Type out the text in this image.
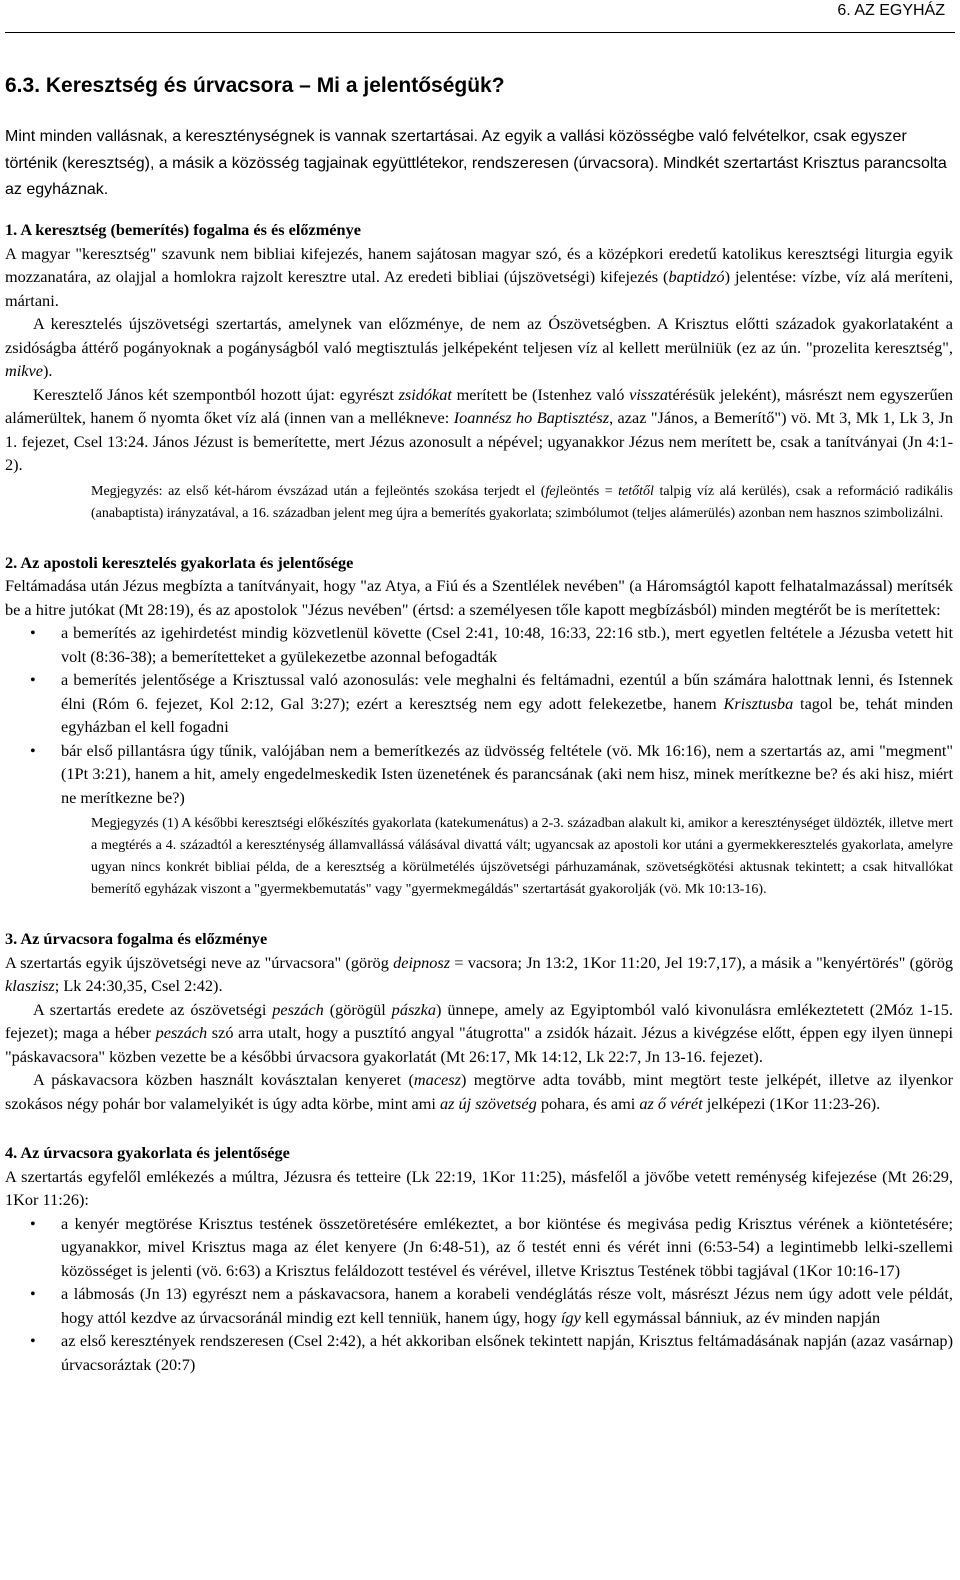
6. AZ EGYHÁZ
6.3. Keresztség és úrvacsora – Mi a jelentőségük?

Mint minden vallásnak, a kereszténységnek is vannak szertartásai. Az egyik a vallási közösségbe való felvételkor, csak egyszer történik (keresztség), a másik a közösség tagjainak együttlétekor, rendszeresen (úrvacsora). Mindkét szertartást Krisztus parancsolta az egyháznak.

1. A keresztség (bemerítés) fogalma és és előzménye

A magyar "keresztség" szavunk nem bibliai kifejezés, hanem sajátosan magyar szó, és a középkori eredetű katolikus keresztségi liturgia egyik mozzanatára, az olajjal a homlokra rajzolt keresztre utal. Az eredeti bibliai (újszövetségi) kifejezés (baptidzó) jelentése: vízbe, víz alá meríteni, mártani.

A keresztelés újszövetségi szertartás, amelynek van előzménye, de nem az Ószövetségben. A Krisztus előtti századok gyakorlataként a zsidóságba áttérő pogányoknak a pogányságból való megtisztulás jelképeként teljesen víz al kellett merülniük (ez az ún. "prozelita keresztség", mikve).

Keresztelő János két szempontból hozott újat: egyrészt zsidókat merített be (Istenhez való visszatérésük jeleként), másrészt nem egyszerűen alámerültek, hanem ő nyomta őket víz alá (innen van a mellékneve: Ioannész ho Baptisztész, azaz "János, a Bemerítő") vö. Mt 3, Mk 1, Lk 3, Jn 1. fejezet, Csel 13:24. János Jézust is bemerítette, mert Jézus azonosult a népével; ugyanakkor Jézus nem merített be, csak a tanítványai (Jn 4:1-2).

Megjegyzés: az első két-három évszázad után a fejleöntés szokása terjedt el (fejleöntés = tetőtől talpig víz alá kerülés), csak a reformáció radikális (anabaptista) irányzatával, a 16. században jelent meg újra a bemerítés gyakorlata; szimbólumot (teljes alámerülés) azonban nem hasznos szimbolizálni.

2. Az apostoli keresztelés gyakorlata és jelentősége

Feltámadása után Jézus megbízta a tanítványait, hogy "az Atya, a Fiú és a Szentlélek nevében" (a Háromságtól kapott felhatalmazással) merítsék be a hitre jutókat (Mt 28:19), és az apostolok "Jézus nevében" (értsd: a személyesen tőle kapott megbízásból) minden megtérőt be is merítettek:

• a bemerítés az igehirdetést mindig közvetlenül követte (Csel 2:41, 10:48, 16:33, 22:16 stb.), mert egyetlen feltétele a Jézusba vetett hit volt (8:36-38); a bemerítetteket a gyülekezetbe azonnal befogadták
• a bemerítés jelentősége a Krisztussal való azonosulás: vele meghalni és feltámadni, ezentúl a bűn számára halottnak lenni, és Istennek élni (Róm 6. fejezet, Kol 2:12, Gal 3:27); ezért a keresztség nem egy adott felekezetbe, hanem Krisztusba tagol be, tehát minden egyházban el kell fogadni
• bár első pillantásra úgy tűnik, valójában nem a bemerítkezés az üdvösség feltétele (vö. Mk 16:16), nem a szertartás az, ami "megment" (1Pt 3:21), hanem a hit, amely engedelmeskedik Isten üzenetének és parancsának (aki nem hisz, minek merítkezne be? és aki hisz, miért ne merítkezne be?)

Megjegyzés (1) A későbbi keresztségi előkészítés gyakorlata (katekumenátus) a 2-3. században alakult ki, amikor a kereszténységet üldözték, illetve mert a megtérés a 4. századtól a kereszténység államvallássá válásával divattá vált; ugyancsak az apostoli kor utáni a gyermekkeresztelés gyakorlata, amelyre ugyan nincs konkrét bibliai példa, de a keresztség a körülmetélés újszövetségi párhuzamának, szövetségkötési aktusnak tekintett; a csak hitvallókat bemerítő egyházak viszont a "gyermekbemutatás" vagy "gyermekmegáldás" szertartását gyakorolják (vö. Mk 10:13-16).

3. Az úrvacsora fogalma és előzménye

A szertartás egyik újszövetségi neve az "úrvacsora" (görög deipnosz = vacsora; Jn 13:2, 1Kor 11:20, Jel 19:7,17), a másik a "kenyértörés" (görög klaszisz; Lk 24:30,35, Csel 2:42).

A szertartás eredete az ószövetségi peszách (görögül pászka) ünnepe, amely az Egyiptomból való kivonulásra emlékeztetett (2Móz 1-15. fejezet); maga a héber peszách szó arra utalt, hogy a pusztító angyal "átugrotta" a zsidók házait. Jézus a kivégzése előtt, éppen egy ilyen ünnepi "páskavacsora" közben vezette be a későbbi úrvacsora gyakorlatát (Mt 26:17, Mk 14:12, Lk 22:7, Jn 13-16. fejezet).

A páskavacsora közben használt kovásztalan kenyeret (macesz) megtörve adta tovább, mint megtört teste jelképét, illetve az ilyenkor szokásos négy pohár bor valamelyikét is úgy adta körbe, mint ami az új szövetség pohara, és ami az ő vérét jelképezi (1Kor 11:23-26).

4. Az úrvacsora gyakorlata és jelentősége

A szertartás egyfelől emlékezés a múltra, Jézusra és tetteire (Lk 22:19, 1Kor 11:25), másfelől a jövőbe vetett reménység kifejezése (Mt 26:29, 1Kor 11:26):

• a kenyér megtörése Krisztus testének összetöretésére emlékeztet, a bor kiöntése és megivása pedig Krisztus vérének a kiöntetésére; ugyanakkor, mivel Krisztus maga az élet kenyere (Jn 6:48-51), az ő testét enni és vérét inni (6:53-54) a legintimebb lelki-szellemi közösséget is jelenti (vö. 6:63) a Krisztus feláldozott testével és vérével, illetve Krisztus Testének többi tagjával (1Kor 10:16-17)
• a lábmosás (Jn 13) egyrészt nem a páskavacsora, hanem a korabeli vendéglátás része volt, másrészt Jézus nem úgy adott vele példát, hogy attól kezdve az úrvacsoránál mindig ezt kell tenniük, hanem úgy, hogy így kell egymással bánniuk, az év minden napján
• az első keresztények rendszeresen (Csel 2:42), a hét akkoriban elsőnek tekintett napján, Krisztus feltámadásának napján (azaz vasárnap) úrvacsoráztak (20:7)
